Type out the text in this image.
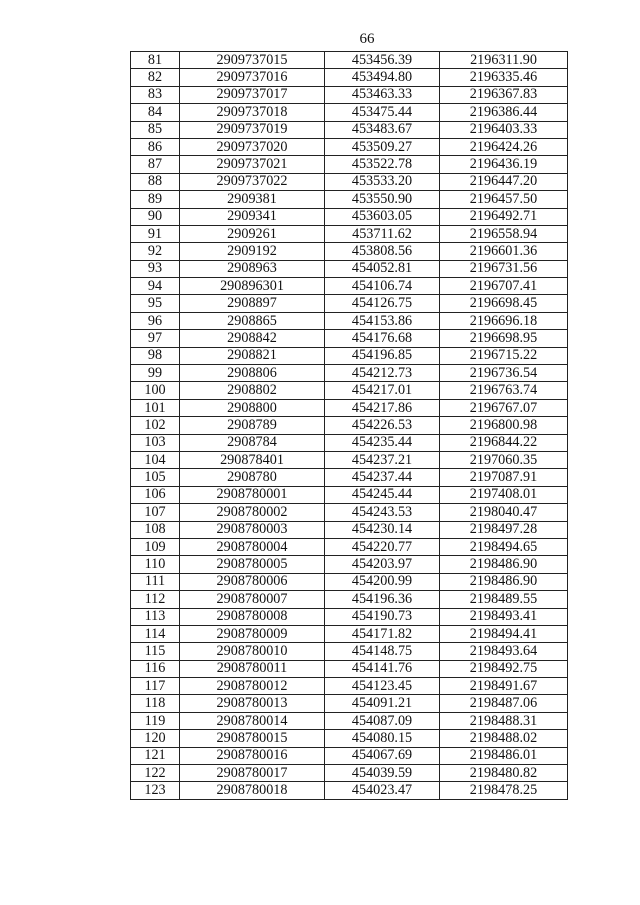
66
81	2909737015	453456.39	2196311.90
82	2909737016	453494.80	2196335.46
83	2909737017	453463.33	2196367.83
84	2909737018	453475.44	2196386.44
85	2909737019	453483.67	2196403.33
86	2909737020	453509.27	2196424.26
87	2909737021	453522.78	2196436.19
88	2909737022	453533.20	2196447.20
89	2909381	453550.90	2196457.50
90	2909341	453603.05	2196492.71
91	2909261	453711.62	2196558.94
92	2909192	453808.56	2196601.36
93	2908963	454052.81	2196731.56
94	290896301	454106.74	2196707.41
95	2908897	454126.75	2196698.45
96	2908865	454153.86	2196696.18
97	2908842	454176.68	2196698.95
98	2908821	454196.85	2196715.22
99	2908806	454212.73	2196736.54
100	2908802	454217.01	2196763.74
101	2908800	454217.86	2196767.07
102	2908789	454226.53	2196800.98
103	2908784	454235.44	2196844.22
104	290878401	454237.21	2197060.35
105	2908780	454237.44	2197087.91
106	2908780001	454245.44	2197408.01
107	2908780002	454243.53	2198040.47
108	2908780003	454230.14	2198497.28
109	2908780004	454220.77	2198494.65
110	2908780005	454203.97	2198486.90
111	2908780006	454200.99	2198486.90
112	2908780007	454196.36	2198489.55
113	2908780008	454190.73	2198493.41
114	2908780009	454171.82	2198494.41
115	2908780010	454148.75	2198493.64
116	2908780011	454141.76	2198492.75
117	2908780012	454123.45	2198491.67
118	2908780013	454091.21	2198487.06
119	2908780014	454087.09	2198488.31
120	2908780015	454080.15	2198488.02
121	2908780016	454067.69	2198486.01
122	2908780017	454039.59	2198480.82
123	2908780018	454023.47	2198478.25
